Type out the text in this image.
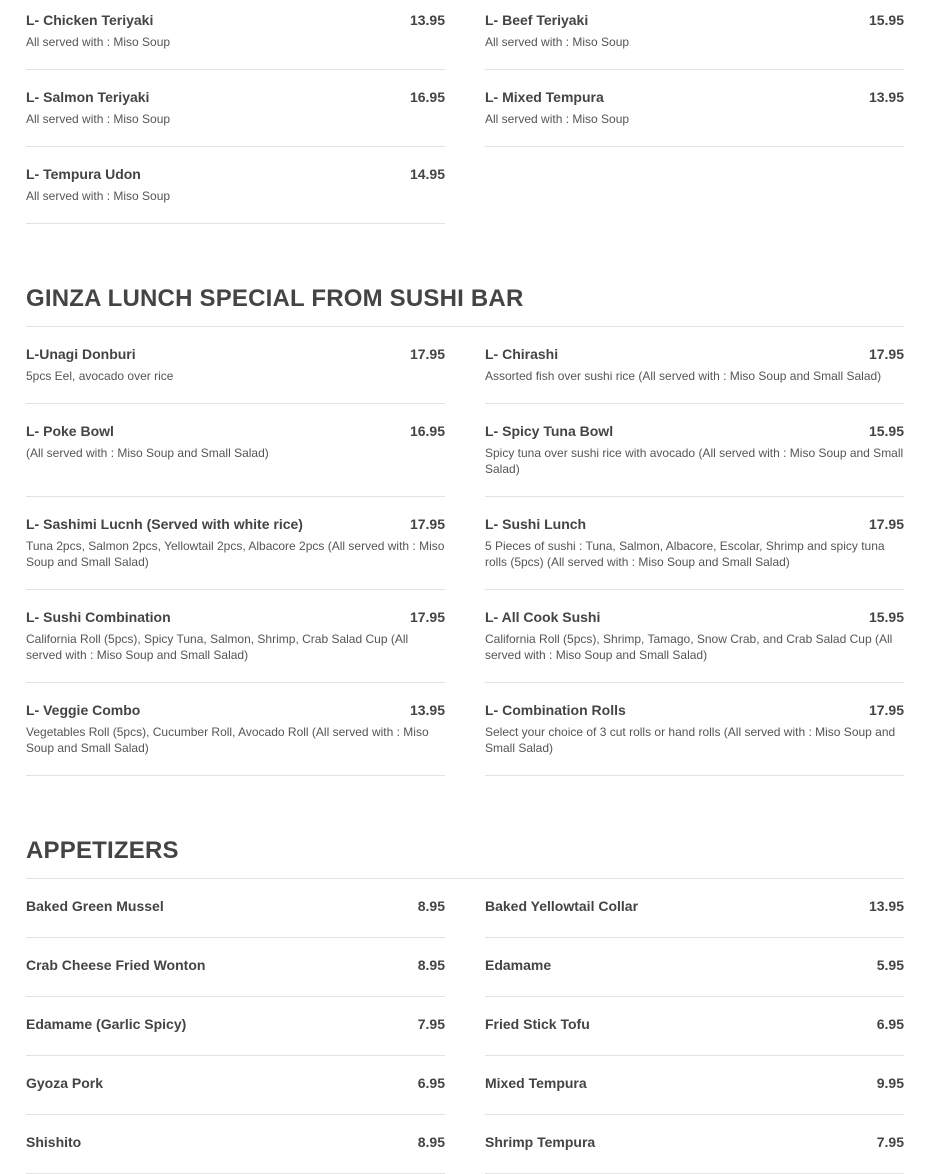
L- Chicken Teriyaki	13.95
All served with : Miso Soup
L- Beef Teriyaki	15.95
All served with : Miso Soup
L- Salmon Teriyaki	16.95
All served with : Miso Soup
L- Mixed Tempura	13.95
All served with : Miso Soup
L- Tempura Udon	14.95
All served with : Miso Soup
GINZA LUNCH SPECIAL FROM SUSHI BAR
L-Unagi Donburi	17.95
5pcs Eel, avocado over rice
L- Chirashi	17.95
Assorted fish over sushi rice (All served with : Miso Soup and Small Salad)
L- Poke Bowl	16.95
(All served with : Miso Soup and Small Salad)
L- Spicy Tuna Bowl	15.95
Spicy tuna over sushi rice with avocado (All served with : Miso Soup and Small Salad)
L- Sashimi Lucnh (Served with white rice)	17.95
Tuna 2pcs, Salmon 2pcs, Yellowtail 2pcs, Albacore 2pcs (All served with : Miso Soup and Small Salad)
L- Sushi Lunch	17.95
5 Pieces of sushi : Tuna, Salmon, Albacore, Escolar, Shrimp and spicy tuna rolls (5pcs) (All served with : Miso Soup and Small Salad)
L- Sushi Combination	17.95
California Roll (5pcs), Spicy Tuna, Salmon, Shrimp, Crab Salad Cup (All served with : Miso Soup and Small Salad)
L- All Cook Sushi	15.95
California Roll (5pcs), Shrimp, Tamago, Snow Crab, and Crab Salad Cup (All served with : Miso Soup and Small Salad)
L- Veggie Combo	13.95
Vegetables Roll (5pcs), Cucumber Roll, Avocado Roll (All served with : Miso Soup and Small Salad)
L- Combination Rolls	17.95
Select your choice of 3 cut rolls or hand rolls (All served with : Miso Soup and Small Salad)
APPETIZERS
Baked Green Mussel	8.95	Baked Yellowtail Collar	13.95
Crab Cheese Fried Wonton	8.95	Edamame	5.95
Edamame (Garlic Spicy)	7.95	Fried Stick Tofu	6.95
Gyoza Pork	6.95	Mixed Tempura	9.95
Shishito	8.95	Shrimp Tempura	7.95
